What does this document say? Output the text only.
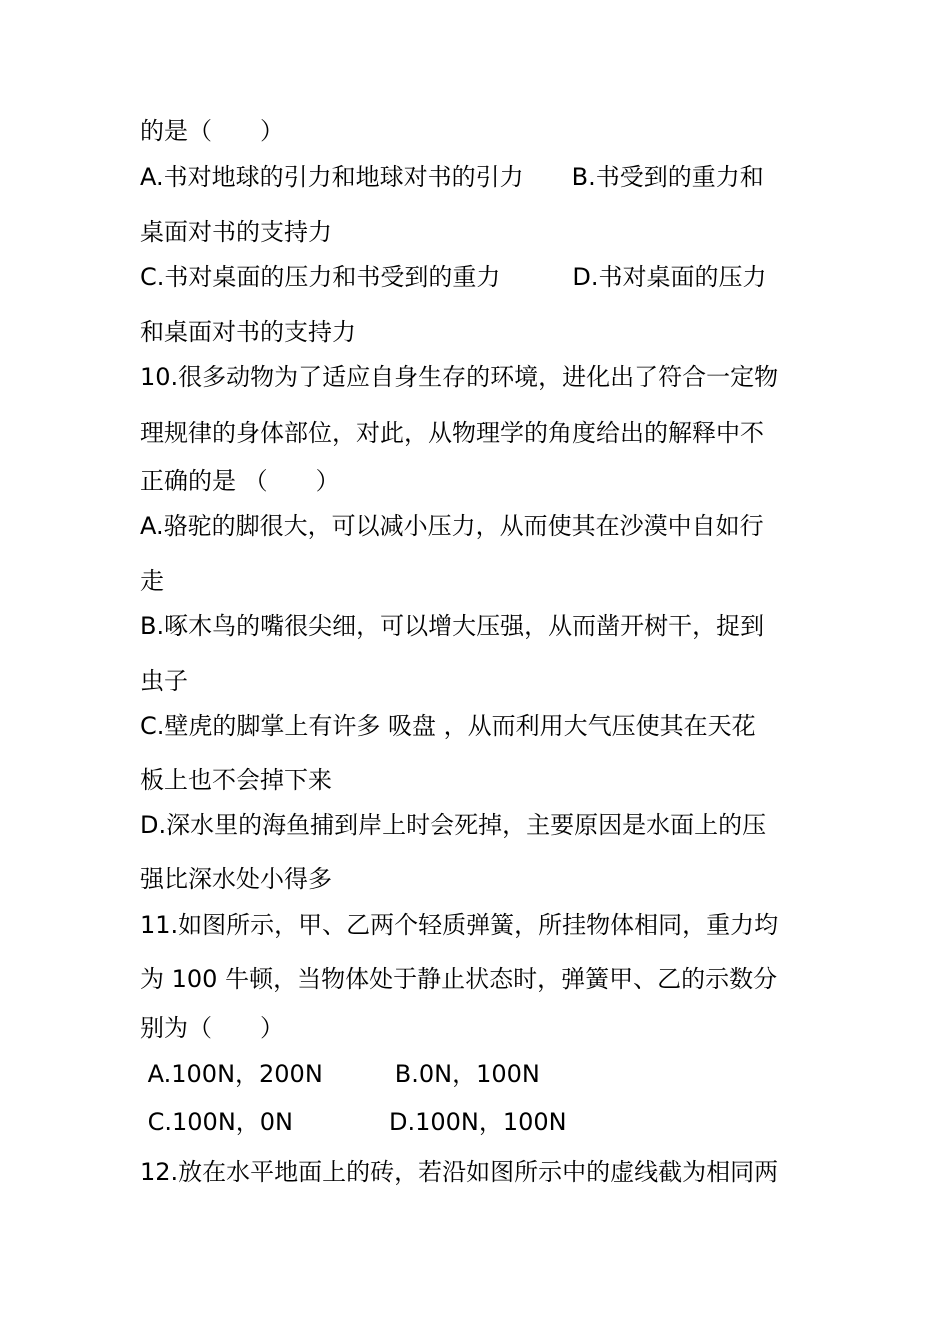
的是（　　）
A.书对地球的引力和地球对书的引力　　B.书受到的重力和
桌面对书的支持力
C.书对桌面的压力和书受到的重力　　　D.书对桌面的压力
和桌面对书的支持力
10.很多动物为了适应自身生存的环境，进化出了符合一定物
理规律的身体部位，对此，从物理学的角度给出的解释中不
正确的是 （　　）
A.骆驼的脚很大，可以减小压力，从而使其在沙漠中自如行
走
B.啄木鸟的嘴很尖细，可以增大压强，从而凿开树干，捉到
虫子
C.壁虎的脚掌上有许多 吸盘 ，从而利用大气压使其在天花
板上也不会掉下来
D.深水里的海鱼捕到岸上时会死掉，主要原因是水面上的压
强比深水处小得多
11.如图所示，甲、乙两个轻质弹簧，所挂物体相同，重力均
为 100 牛顿，当物体处于静止状态时，弹簧甲、乙的示数分
别为（　　）
A.100N，200N　　　B.0N，100N
C.100N，0N　　　　D.100N，100N
12.放在水平地面上的砖，若沿如图所示中的虚线截为相同两
